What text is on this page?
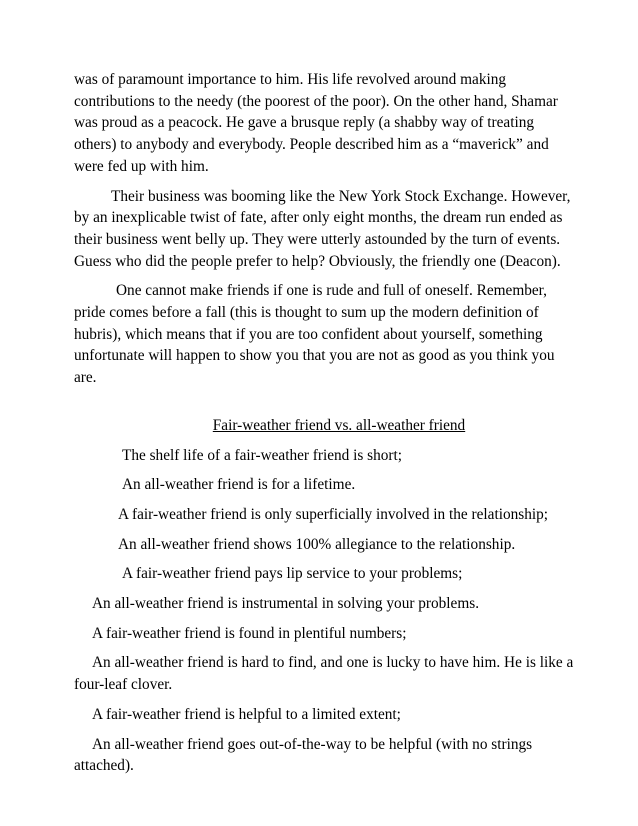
was of paramount importance to him. His life revolved around making contributions to the needy (the poorest of the poor). On the other hand, Shamar was proud as a peacock. He gave a brusque reply (a shabby way of treating others) to anybody and everybody. People described him as a “maverick” and were fed up with him.

Their business was booming like the New York Stock Exchange. However, by an inexplicable twist of fate, after only eight months, the dream run ended as their business went belly up. They were utterly astounded by the turn of events. Guess who did the people prefer to help? Obviously, the friendly one (Deacon).

One cannot make friends if one is rude and full of oneself. Remember, pride comes before a fall (this is thought to sum up the modern definition of hubris), which means that if you are too confident about yourself, something unfortunate will happen to show you that you are not as good as you think you are.

Fair-weather friend vs. all-weather friend

The shelf life of a fair-weather friend is short;

An all-weather friend is for a lifetime.

A fair-weather friend is only superficially involved in the relationship;

An all-weather friend shows 100% allegiance to the relationship.

A fair-weather friend pays lip service to your problems;

An all-weather friend is instrumental in solving your problems.

A fair-weather friend is found in plentiful numbers;

An all-weather friend is hard to find, and one is lucky to have him. He is like a four-leaf clover.

A fair-weather friend is helpful to a limited extent;

An all-weather friend goes out-of-the-way to be helpful (with no strings attached).
